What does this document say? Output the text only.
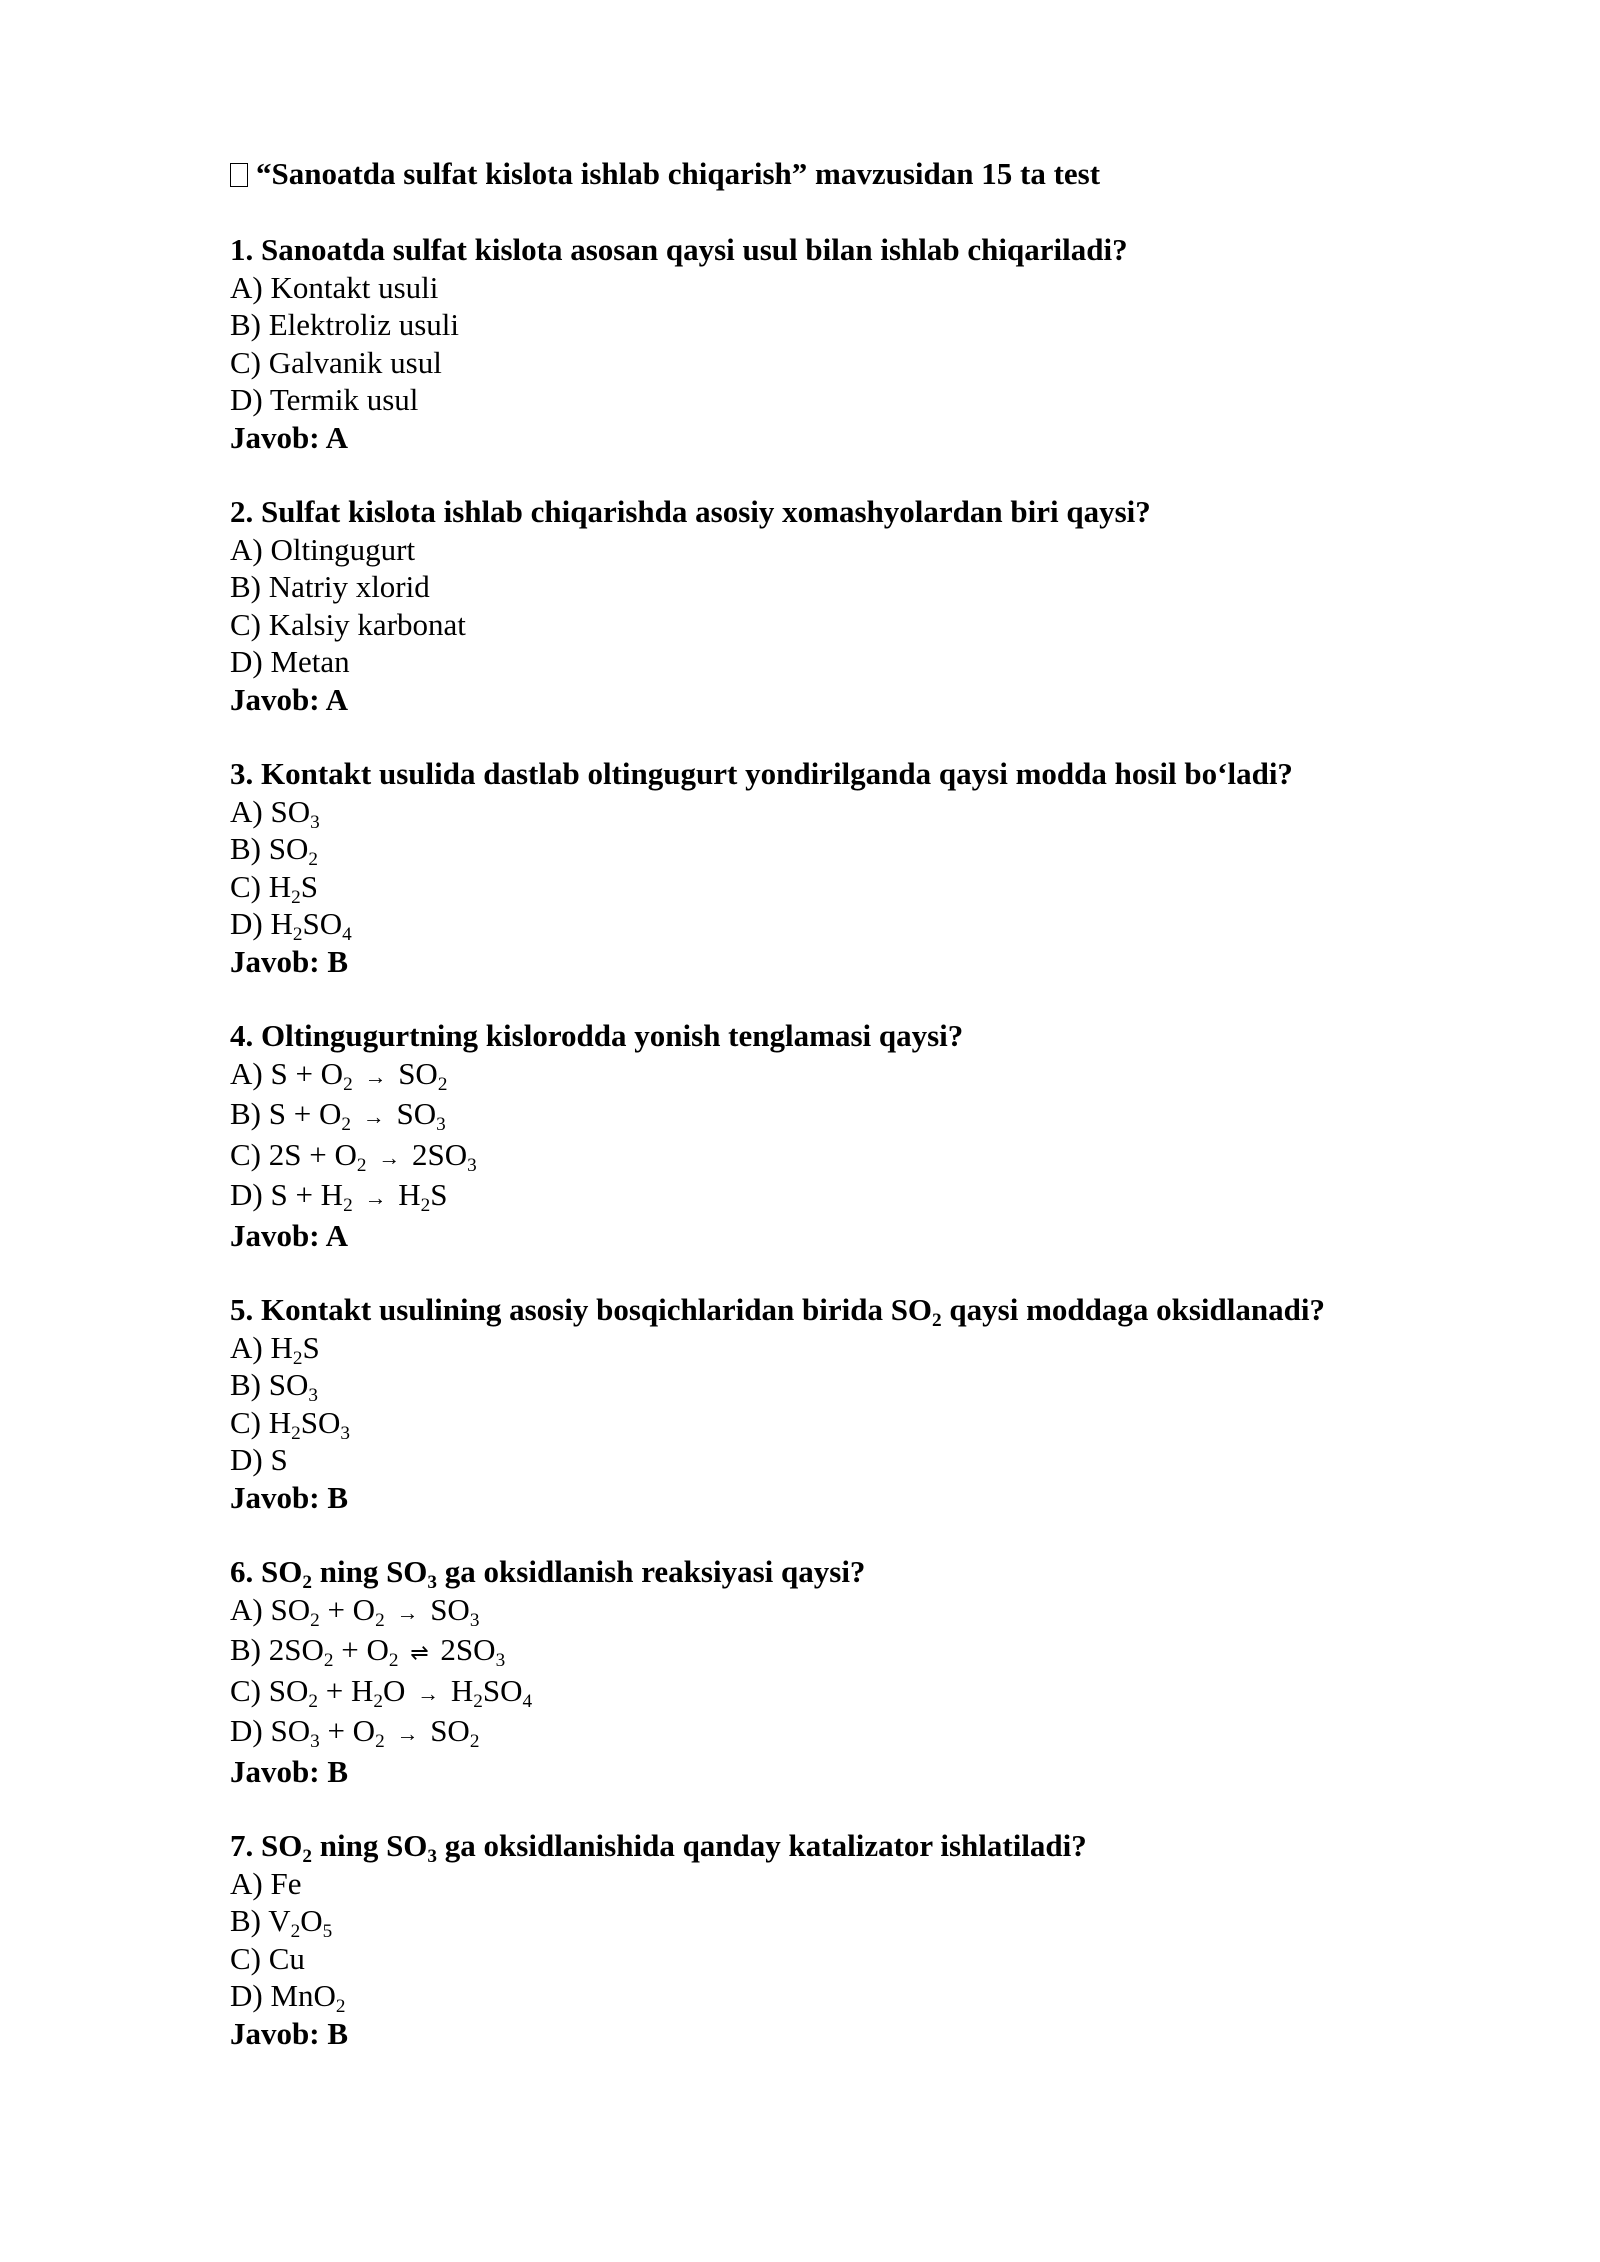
“Sanoatda sulfat kislota ishlab chiqarish” mavzusidan 15 ta test
1. Sanoatda sulfat kislota asosan qaysi usul bilan ishlab chiqariladi?
A) Kontakt usuli
B) Elektroliz usuli
C) Galvanik usul
D) Termik usul
Javob: A
2. Sulfat kislota ishlab chiqarishda asosiy xomashyolardan biri qaysi?
A) Oltingugurt
B) Natriy xlorid
C) Kalsiy karbonat
D) Metan
Javob: A
3. Kontakt usulida dastlab oltingugurt yondirilganda qaysi modda hosil bo‘ladi?
A) $SO_3$
B) $SO_2$
C) $H_2S$
D) $H_2SO_4$
Javob: B
4. Oltingugurtning kislorodda yonish tenglamasi qaysi?
A) $S + O_2 \to SO_2$
B) $S + O_2 \to SO_3$
C) $2S + O_2 \to 2SO_3$
D) $S + H_2 \to H_2S$
Javob: A
5. Kontakt usulining asosiy bosqichlaridan birida $SO_2$ qaysi moddaga oksidlanadi?
A) $H_2S$
B) $SO_3$
C) $H_2SO_3$
D) S
Javob: B
6. $SO_2$ ning $SO_3$ ga oksidlanish reaksiyasi qaysi?
A) $SO_2 + O_2 \to SO_3$
B) $2SO_2 + O_2$ ⇌ $2SO_3$
C) $SO_2 + H_2O \to H_2SO_4$
D) $SO_3 + O_2 \to SO_2$
Javob: B
7. $SO_2$ ning $SO_3$ ga oksidlanishida qanday katalizator ishlatiladi?
A) Fe
B) $V_2O_5$
C) Cu
D) MnO$_2$
Javob: B
